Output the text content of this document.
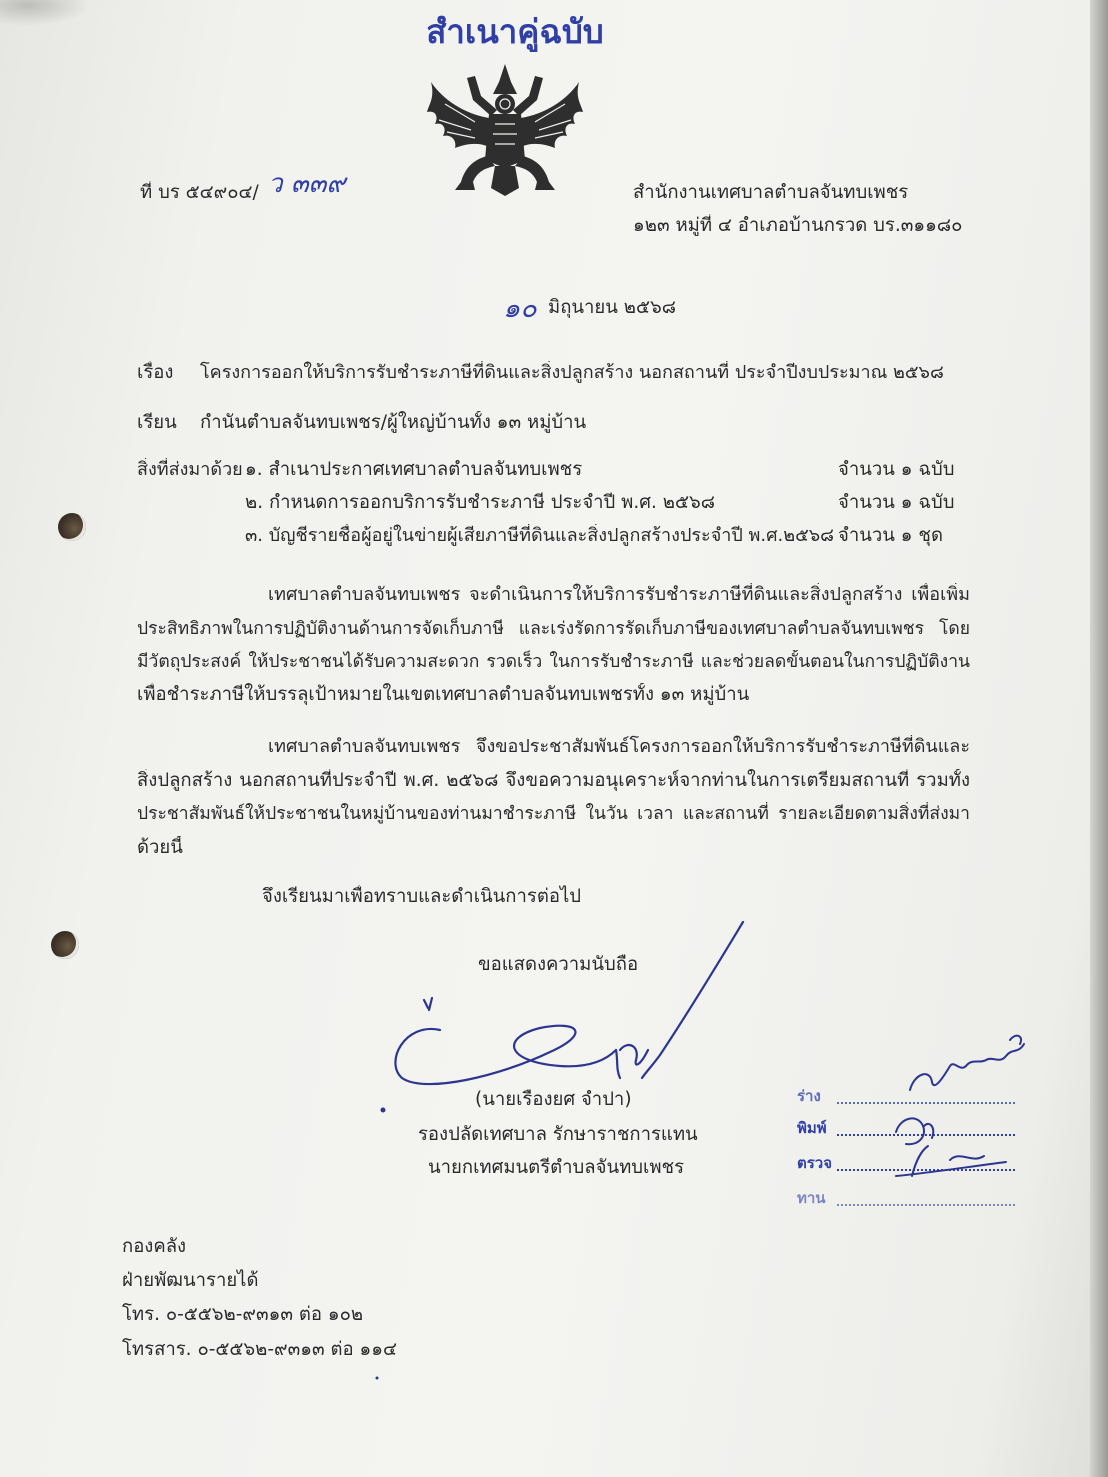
สำเนาคู่ฉบับ
ที่ บร ๕๔๙๐๔/ ว ๓๓๙	สำนักงานเทศบาลตำบลจันทบเพชร
๑๒๓ หมู่ที่ ๔ อำเภอบ้านกรวด บร.๓๑๑๘๐
๑๐ มิถุนายน ๒๕๖๘
เรื่อง	โครงการออกให้บริการรับชำระภาษีที่ดินและสิ่งปลูกสร้าง นอกสถานที่ ประจำปีงบประมาณ ๒๕๖๘
เรียน	กำนันตำบลจันทบเพชร/ผู้ใหญ่บ้านทั้ง ๑๓ หมู่บ้าน
สิ่งที่ส่งมาด้วย ๑. สำเนาประกาศเทศบาลตำบลจันทบเพชร	จำนวน ๑ ฉบับ
๒. กำหนดการออกบริการรับชำระภาษี ประจำปี พ.ศ. ๒๕๖๘	จำนวน ๑ ฉบับ
๓. บัญชีรายชื่อผู้อยู่ในข่ายผู้เสียภาษีที่ดินและสิ่งปลูกสร้างประจำปี พ.ศ.๒๕๖๘ จำนวน ๑ ชุด
เทศบาลตำบลจันทบเพชร จะดำเนินการให้บริการรับชำระภาษีที่ดินและสิ่งปลูกสร้าง เพื่อเพิ่ม
ประสิทธิภาพในการปฏิบัติงานด้านการจัดเก็บภาษี และเร่งรัดการรัดเก็บภาษีของเทศบาลตำบลจันทบเพชร โดย
มีวัตถุประสงค์ ให้ประชาชนได้รับความสะดวก รวดเร็ว ในการรับชำระภาษี และช่วยลดขั้นตอนในการปฏิบัติงาน
เพื่อชำระภาษีให้บรรลุเป้าหมายในเขตเทศบาลตำบลจันทบเพชรทั้ง ๑๓ หมู่บ้าน
เทศบาลตำบลจันทบเพชร จึงขอประชาสัมพันธ์โครงการออกให้บริการรับชำระภาษีที่ดินและ
สิ่งปลูกสร้าง นอกสถานที่ประจำปี พ.ศ. ๒๕๖๘ จึงขอความอนุเคราะห์จากท่านในการเตรียมสถานที่ รวมทั้ง
ประชาสัมพันธ์ให้ประชาชนในหมู่บ้านของท่านมาชำระภาษี ในวัน เวลา และสถานที่ รายละเอียดตามสิ่งที่ส่งมา
ด้วยนี้
จึงเรียนมาเพื่อทราบและดำเนินการต่อไป
ขอแสดงความนับถือ
(นายเรืองยศ จำปา)
รองปลัดเทศบาล รักษาราชการแทน
นายกเทศมนตรีตำบลจันทบเพชร
ร่าง
พิมพ์
ตรวจ
ทาน
กองคลัง
ฝ่ายพัฒนารายได้
โทร. ๐-๕๕๖๒-๙๓๑๓ ต่อ ๑๐๒
โทรสาร. ๐-๕๕๖๒-๙๓๑๓ ต่อ ๑๑๔
